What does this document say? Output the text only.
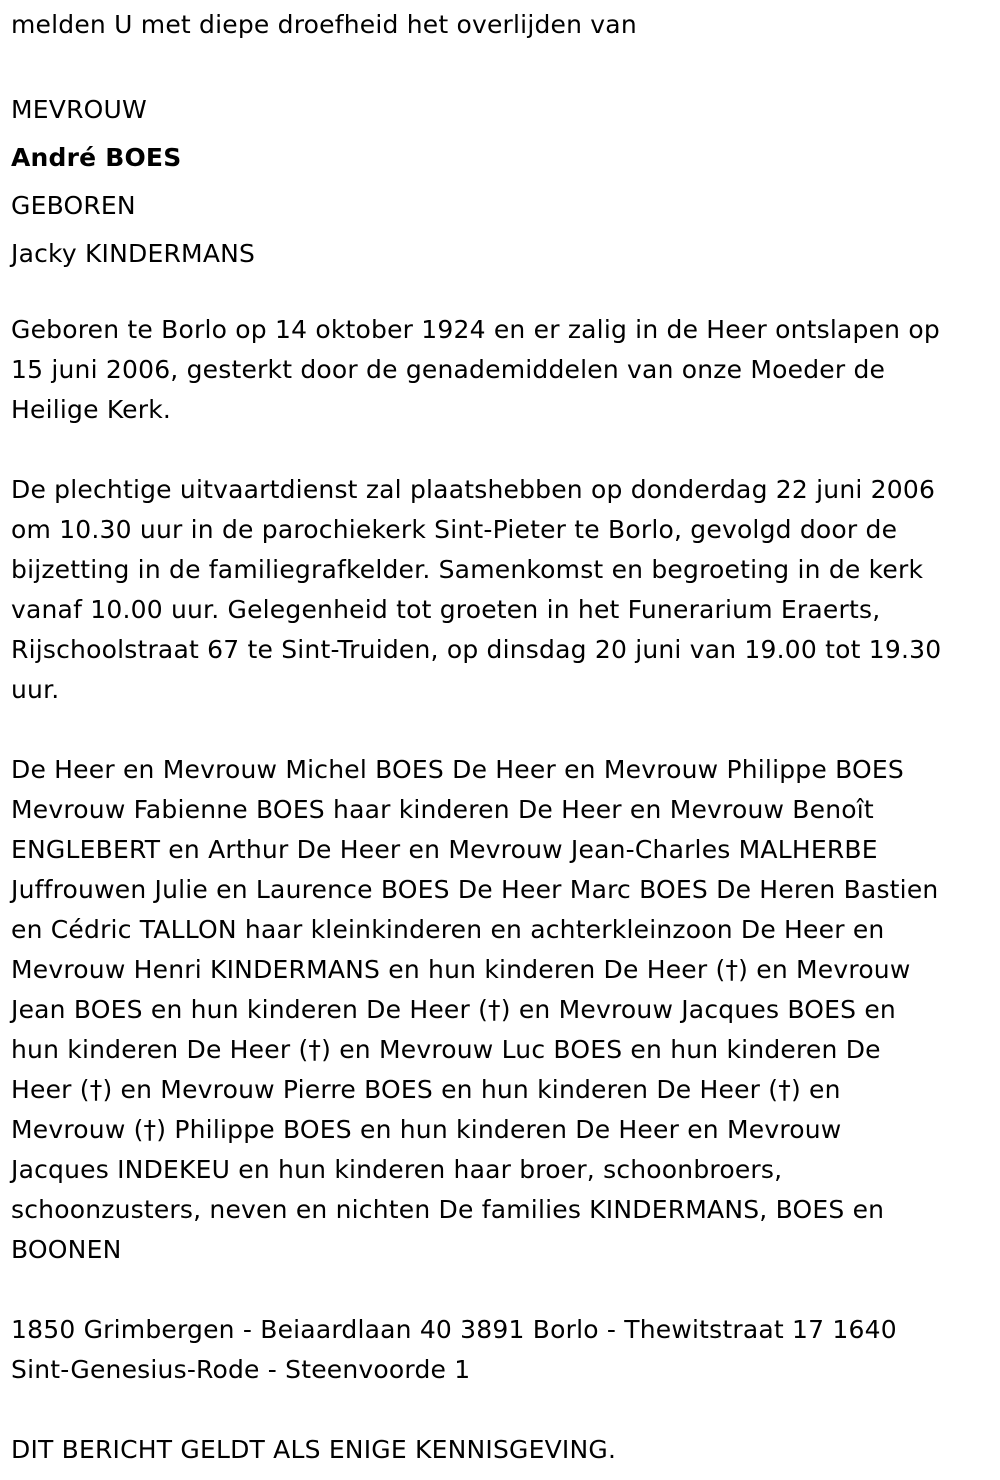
melden U met diepe droefheid het overlijden van
MEVROUW
André BOES
GEBOREN
Jacky KINDERMANS
Geboren te Borlo op 14 oktober 1924 en er zalig in de Heer ontslapen op
15 juni 2006, gesterkt door de genademiddelen van onze Moeder de
Heilige Kerk.
De plechtige uitvaartdienst zal plaatshebben op donderdag 22 juni 2006
om 10.30 uur in de parochiekerk Sint-Pieter te Borlo, gevolgd door de
bijzetting in de familiegrafkelder. Samenkomst en begroeting in de kerk
vanaf 10.00 uur. Gelegenheid tot groeten in het Funerarium Eraerts,
Rijschoolstraat 67 te Sint-Truiden, op dinsdag 20 juni van 19.00 tot 19.30
uur.
De Heer en Mevrouw Michel BOES De Heer en Mevrouw Philippe BOES
Mevrouw Fabienne BOES haar kinderen De Heer en Mevrouw Benoît
ENGLEBERT en Arthur De Heer en Mevrouw Jean-Charles MALHERBE
Juffrouwen Julie en Laurence BOES De Heer Marc BOES De Heren Bastien
en Cédric TALLON haar kleinkinderen en achterkleinzoon De Heer en
Mevrouw Henri KINDERMANS en hun kinderen De Heer (†) en Mevrouw
Jean BOES en hun kinderen De Heer (†) en Mevrouw Jacques BOES en
hun kinderen De Heer (†) en Mevrouw Luc BOES en hun kinderen De
Heer (†) en Mevrouw Pierre BOES en hun kinderen De Heer (†) en
Mevrouw (†) Philippe BOES en hun kinderen De Heer en Mevrouw
Jacques INDEKEU en hun kinderen haar broer, schoonbroers,
schoonzusters, neven en nichten De families KINDERMANS, BOES en
BOONEN
1850 Grimbergen - Beiaardlaan 40 3891 Borlo - Thewitstraat 17 1640
Sint-Genesius-Rode - Steenvoorde 1
DIT BERICHT GELDT ALS ENIGE KENNISGEVING.
